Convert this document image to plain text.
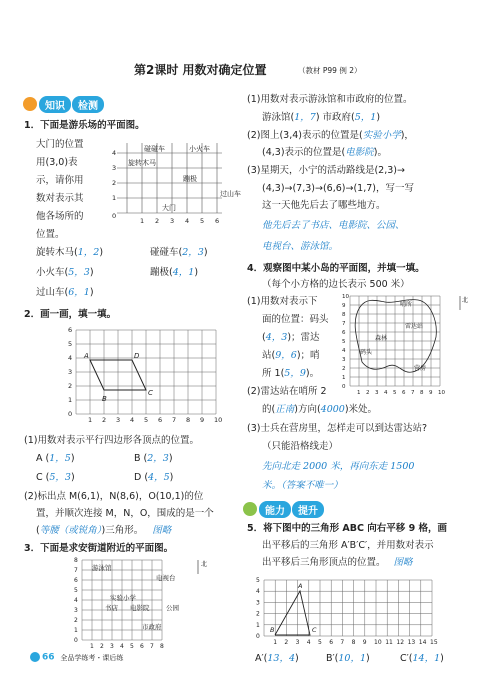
第2课时 用数对确定位置	（教材 P99 例 2）
知识	检测
1．下面是游乐场的平面图。
大门的位置
用(3,0)表
示，请你用
数对表示其
他各场所的
位置。
4
3
2
1
0
1 2 3 4 5 6
碰碰车	小火车
旋转木马
蹦极
大门
过山车
旋转木马(1，2)	碰碰车(2，3)
小火车(5，3)	蹦极(4，1)
过山车(6，1)
2．画一画，填一填。
1 2 3 4 5 6 7 8 9 10
6
5
4
3
2
1
0
A
B
C
D
(1)用数对表示平行四边形各顶点的位置。
A (1，5)	B (2，3)
C (5，3)	D (4，5)
(2)标出点 M(6,1)，N(8,6)，O(10,1)的位
置，并顺次连接 M，N，O，围成的是一个
(等腰（或锐角）)三角形。 图略
3．下面是求安街道附近的平面图。
1 2 3 4 5 6 7 8
8
7
6
5
4
3
2
1
0
游泳馆
电视台
实验小学
书店 电影院	公园
市政府
北
66 全品学练考・课后练
(1)用数对表示游泳馆和市政府的位置。
游泳馆(1，7) 市政府(5，1)
(2)图上(3,4)表示的位置是(实验小学)，
(4,3)表示的位置是(电影院)。
(3)星期天，小宁的活动路线是(2,3)→
(4,3)→(7,3)→(6,6)→(1,7)，写一写
这一天他先后去了哪些地方。
他先后去了书店、电影院、公园、
电视台、游泳馆。
4．观察图中某小岛的平面图，并填一填。
（每个小方格的边长表示 500 米）
(1)用数对表示下
面的位置：码头
(4，3)；雷达
站(9，6)；哨
所 1(5，9)。
(2)雷达站在哨所 2
的(正南)方向(4000)米处。
1 2 3 4 5 6 7 8 9 10
10
9
8
7
6
5
4
3
2
1
0
哨所
雷达站
森林
码头
营房
北
(3)士兵在营房里，怎样走可以到达雷达站?
（只能沿格线走）
先向北走 2000 米，再向东走 1500
米。（答案不唯一）
能力	提升
5．将下图中的三角形 ABC 向右平移 9 格，画
出平移后的三角形 A′B′C′，并用数对表示
出平移后三角形顶点的位置。 图略
1 2 3 4 5 6 7 8 9 10 11 12 13 14 15
5
4
3
2
1
0
A
B	C
A′(13，4)	B′(10，1)	C′(14，1)
